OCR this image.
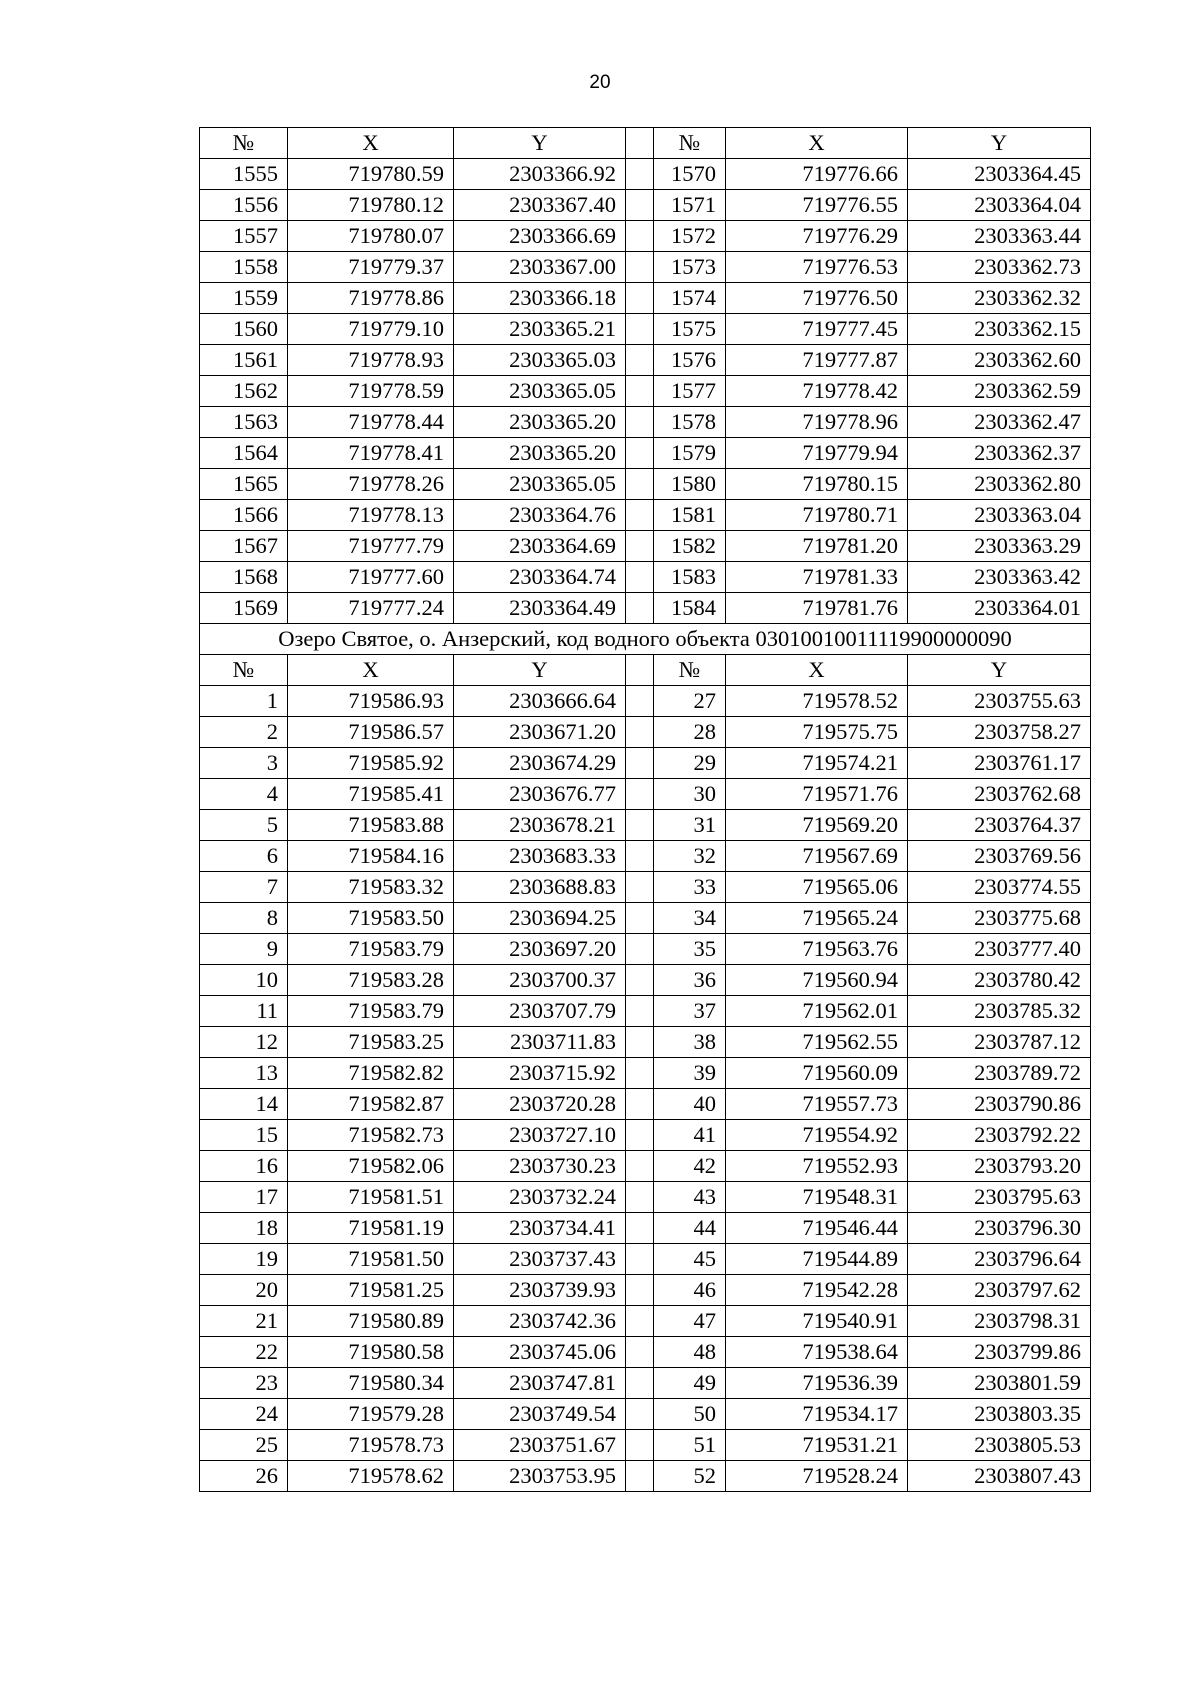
20
№	X	Y		№	X	Y
1555	719780.59	2303366.92		1570	719776.66	2303364.45
1556	719780.12	2303367.40		1571	719776.55	2303364.04
1557	719780.07	2303366.69		1572	719776.29	2303363.44
1558	719779.37	2303367.00		1573	719776.53	2303362.73
1559	719778.86	2303366.18		1574	719776.50	2303362.32
1560	719779.10	2303365.21		1575	719777.45	2303362.15
1561	719778.93	2303365.03		1576	719777.87	2303362.60
1562	719778.59	2303365.05		1577	719778.42	2303362.59
1563	719778.44	2303365.20		1578	719778.96	2303362.47
1564	719778.41	2303365.20		1579	719779.94	2303362.37
1565	719778.26	2303365.05		1580	719780.15	2303362.80
1566	719778.13	2303364.76		1581	719780.71	2303363.04
1567	719777.79	2303364.69		1582	719781.20	2303363.29
1568	719777.60	2303364.74		1583	719781.33	2303363.42
1569	719777.24	2303364.49		1584	719781.76	2303364.01
Озеро Святое, о. Анзерский, код водного объекта 03010010011119900000090						
№	X	Y		№	X	Y
1	719586.93	2303666.64		27	719578.52	2303755.63
2	719586.57	2303671.20		28	719575.75	2303758.27
3	719585.92	2303674.29		29	719574.21	2303761.17
4	719585.41	2303676.77		30	719571.76	2303762.68
5	719583.88	2303678.21		31	719569.20	2303764.37
6	719584.16	2303683.33		32	719567.69	2303769.56
7	719583.32	2303688.83		33	719565.06	2303774.55
8	719583.50	2303694.25		34	719565.24	2303775.68
9	719583.79	2303697.20		35	719563.76	2303777.40
10	719583.28	2303700.37		36	719560.94	2303780.42
11	719583.79	2303707.79		37	719562.01	2303785.32
12	719583.25	2303711.83		38	719562.55	2303787.12
13	719582.82	2303715.92		39	719560.09	2303789.72
14	719582.87	2303720.28		40	719557.73	2303790.86
15	719582.73	2303727.10		41	719554.92	2303792.22
16	719582.06	2303730.23		42	719552.93	2303793.20
17	719581.51	2303732.24		43	719548.31	2303795.63
18	719581.19	2303734.41		44	719546.44	2303796.30
19	719581.50	2303737.43		45	719544.89	2303796.64
20	719581.25	2303739.93		46	719542.28	2303797.62
21	719580.89	2303742.36		47	719540.91	2303798.31
22	719580.58	2303745.06		48	719538.64	2303799.86
23	719580.34	2303747.81		49	719536.39	2303801.59
24	719579.28	2303749.54		50	719534.17	2303803.35
25	719578.73	2303751.67		51	719531.21	2303805.53
26	719578.62	2303753.95		52	719528.24	2303807.43
